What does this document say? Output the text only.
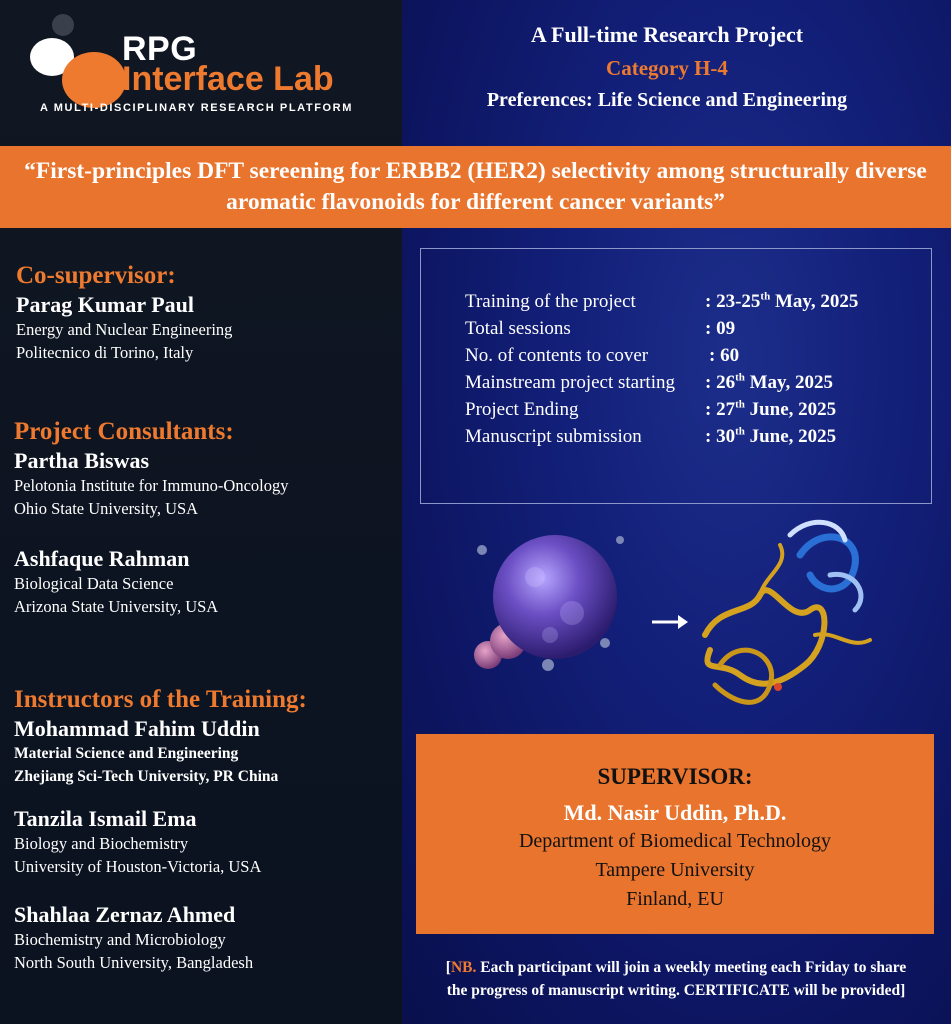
RPG
Interface Lab
A MULTI-DISCIPLINARY RESEARCH PLATFORM
A Full-time Research Project
Category H-4
Preferences: Life Science and Engineering
“First-principles DFT sereening for ERBB2 (HER2) selectivity among structurally diverse aromatic flavonoids for different cancer variants”
Co-supervisor:
Parag Kumar Paul
Energy and Nuclear Engineering
Politecnico di Torino, Italy
Project Consultants:
Partha Biswas
Pelotonia Institute for Immuno-Oncology
Ohio State University, USA
Ashfaque Rahman
Biological Data Science
Arizona State University, USA
Instructors of the Training:
Mohammad Fahim Uddin
Material Science and Engineering
Zhejiang Sci-Tech University, PR China
Tanzila Ismail Ema
Biology and Biochemistry
University of Houston-Victoria, USA
Shahlaa Zernaz Ahmed
Biochemistry and Microbiology
North South University, Bangladesh
Training of the project	: 23-25th May, 2025
Total sessions	: 09
No. of contents to cover	: 60
Mainstream project starting : 26th May, 2025
Project Ending	: 27th June, 2025
Manuscript submission	: 30th June, 2025
SUPERVISOR:
Md. Nasir Uddin, Ph.D.
Department of Biomedical Technology
Tampere University
Finland, EU
[NB. Each participant will join a weekly meeting each Friday to share
the progress of manuscript writing. CERTIFICATE will be provided]
